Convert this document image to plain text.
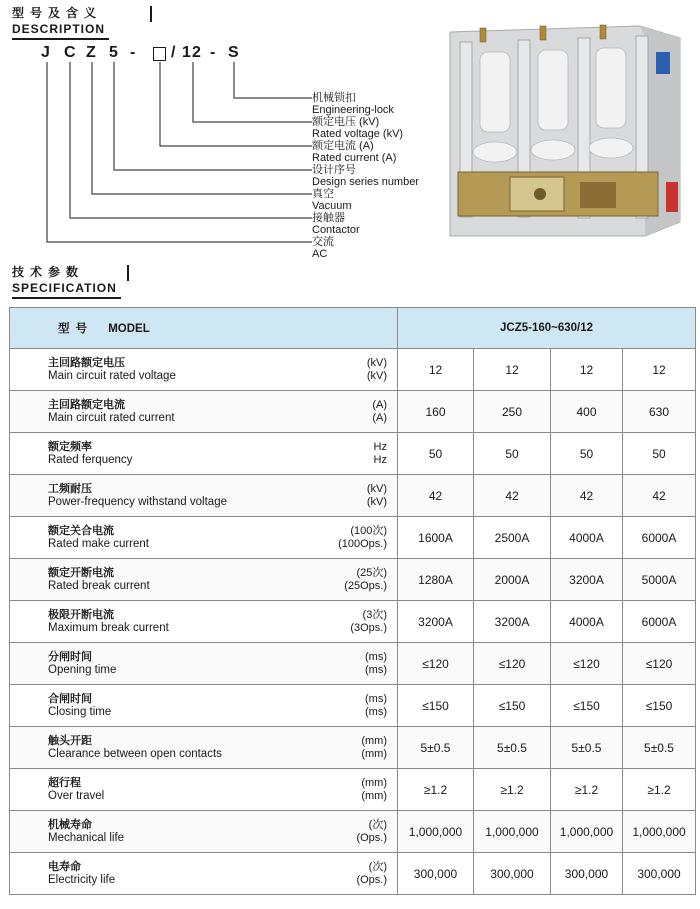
型号及含义
DESCRIPTION
J C Z 5 - / 1 2 - S
机械锁扣
Engineering-lock
额定电压 (kV)
Rated voltage (kV)
额定电流 (A)
Rated current (A)
设计序号
Design series number
真空
Vacuum
接触器
Contactor
交流
AC
技术参数
SPECIFICATION
型号 MODEL	JCZ5-160~630/12			

主回路额定电压
Main circuit rated voltage
(kV)
(kV)	12	12	12	12

主回路额定电流
Main circuit rated current
(A)
(A)	160	250	400	630

额定频率
Rated ferquency
Hz
Hz	50	50	50	50

工频耐压
Power-frequency withstand voltage
(kV)
(kV)	42	42	42	42

额定关合电流
Rated make current
(100次)
(100Ops.)	1600A	2500A	4000A	6000A

额定开断电流
Rated break current
(25次)
(25Ops.)	1280A	2000A	3200A	5000A

极限开断电流
Maximum break current
(3次)
(3Ops.)	3200A	3200A	4000A	6000A

分闸时间
Opening time
(ms)
(ms)	≤120	≤120	≤120	≤120

合闸时间
Closing time
(ms)
(ms)	≤150	≤150	≤150	≤150

触头开距
Clearance between open contacts
(mm)
(mm)	5±0.5	5±0.5	5±0.5	5±0.5

超行程
Over travel
(mm)
(mm)	≥1.2	≥1.2	≥1.2	≥1.2

机械寿命
Mechanical life
(次)
(Ops.)	1,000,000	1,000,000	1,000,000	1,000,000

电寿命
Electricity life
(次)
(Ops.)	300,000	300,000	300,000	300,000
